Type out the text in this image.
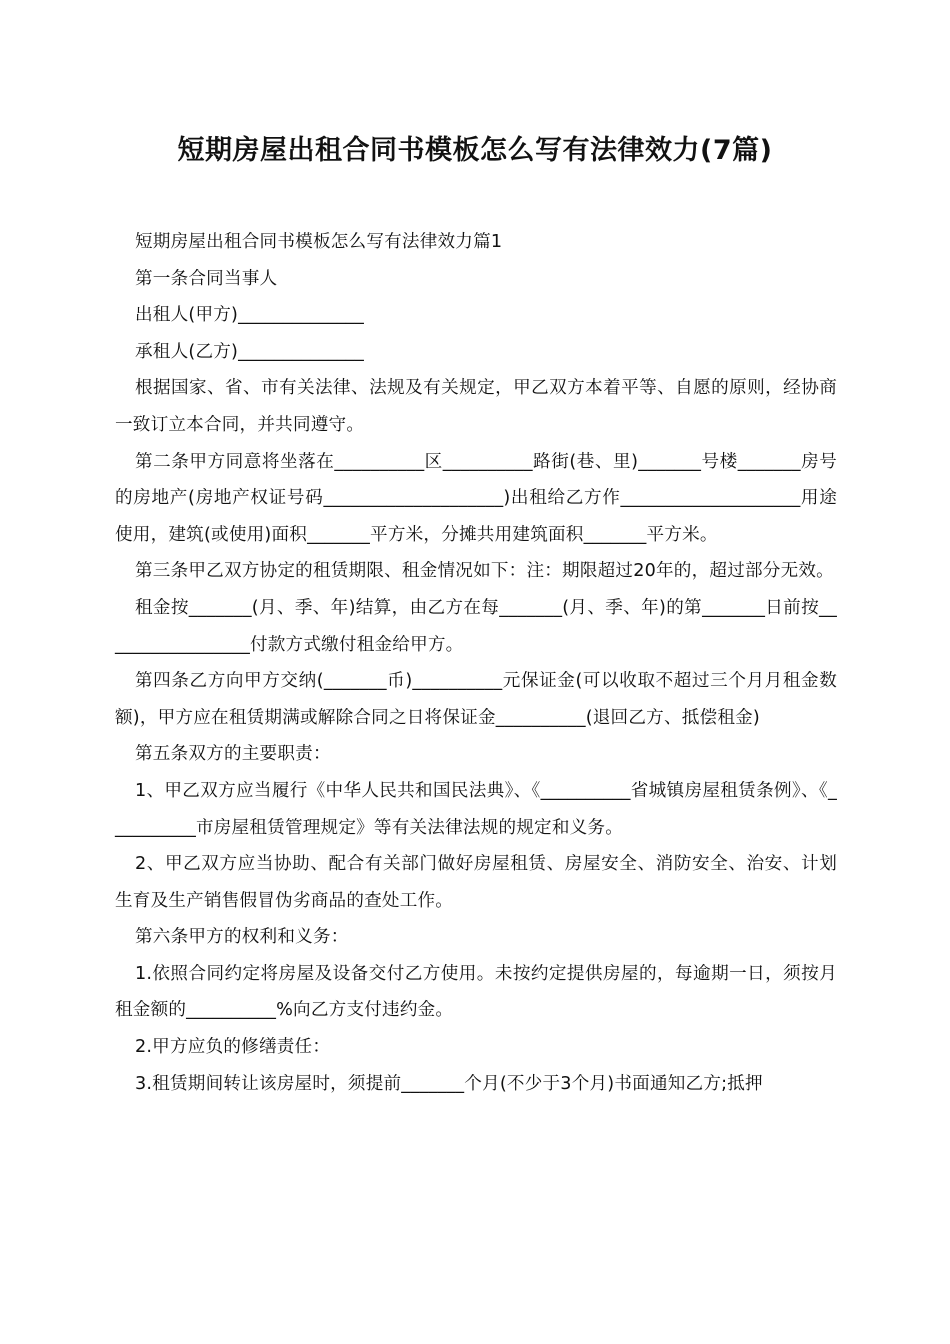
短期房屋出租合同书模板怎么写有法律效力(7篇)

短期房屋出租合同书模板怎么写有法律效力篇1

第一条合同当事人

出租人(甲方)______________

承租人(乙方)______________

根据国家、省、市有关法律、法规及有关规定，甲乙双方本着平等、自愿的原则，经协商一致订立本合同，并共同遵守。

第二条甲方同意将坐落在__________区__________路街(巷、里)_______号楼_______房号的房地产(房地产权证号码____________________)出租给乙方作____________________用途使用，建筑(或使用)面积_______平方米，分摊共用建筑面积_______平方米。

第三条甲乙双方协定的租赁期限、租金情况如下：注：期限超过20年的，超过部分无效。

租金按_______(月、季、年)结算，由乙方在每_______(月、季、年)的第_______日前按_________________付款方式缴付租金给甲方。

第四条乙方向甲方交纳(_______币)__________元保证金(可以收取不超过三个月月租金数额)，甲方应在租赁期满或解除合同之日将保证金__________(退回乙方、抵偿租金)

第五条双方的主要职责：

1、甲乙双方应当履行《中华人民共和国民法典》、《__________省城镇房屋租赁条例》、《__________市房屋租赁管理规定》等有关法律法规的规定和义务。

2、甲乙双方应当协助、配合有关部门做好房屋租赁、房屋安全、消防安全、治安、计划生育及生产销售假冒伪劣商品的查处工作。

第六条甲方的权利和义务：

1.依照合同约定将房屋及设备交付乙方使用。未按约定提供房屋的，每逾期一日，须按月租金额的__________%向乙方支付违约金。

2.甲方应负的修缮责任：

3.租赁期间转让该房屋时，须提前_______个月(不少于3个月)书面通知乙方;抵押
